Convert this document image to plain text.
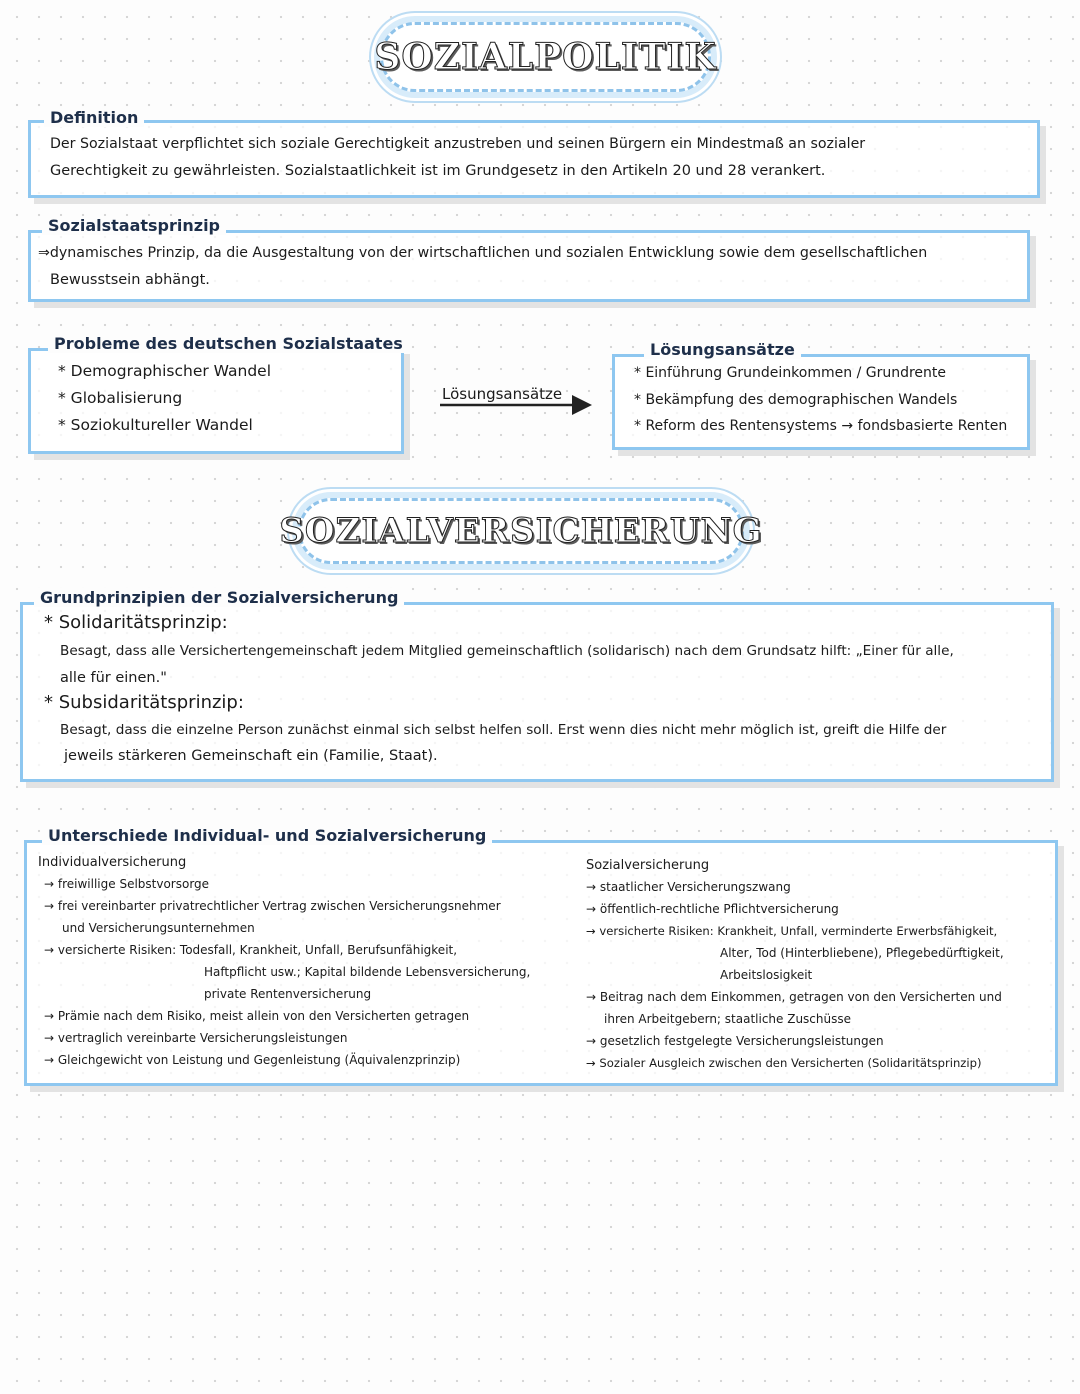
SOZIALPOLITIK
Definition
Der Sozialstaat verpflichtet sich soziale Gerechtigkeit anzustreben und seinen Bürgern ein Mindestmaß an sozialer
Gerechtigkeit zu gewährleisten. Sozialstaatlichkeit ist im Grundgesetz in den Artikeln 20 und 28 verankert.
Sozialstaatsprinzip
⇒dynamisches Prinzip, da die Ausgestaltung von der wirtschaftlichen und sozialen Entwicklung sowie dem gesellschaftlichen
Bewusstsein abhängt.
Probleme des deutschen Sozialstaates
* Demographischer Wandel
* Globalisierung
* Soziokultureller Wandel
Lösungsansätze
Lösungsansätze
* Einführung Grundeinkommen / Grundrente
* Bekämpfung des demographischen Wandels
* Reform des Rentensystems → fondsbasierte Renten
SOZIALVERSICHERUNG
Grundprinzipien der Sozialversicherung
* Solidaritätsprinzip:
Besagt, dass alle Versichertengemeinschaft jedem Mitglied gemeinschaftlich (solidarisch) nach dem Grundsatz hilft: „Einer für alle,
alle für einen."
* Subsidaritätsprinzip:
Besagt, dass die einzelne Person zunächst einmal sich selbst helfen soll. Erst wenn dies nicht mehr möglich ist, greift die Hilfe der
jeweils stärkeren Gemeinschaft ein (Familie, Staat).
Unterschiede Individual- und Sozialversicherung
Individualversicherung
→ freiwillige Selbstvorsorge
→ frei vereinbarter privatrechtlicher Vertrag zwischen Versicherungsnehmer
und Versicherungsunternehmen
→ versicherte Risiken: Todesfall, Krankheit, Unfall, Berufsunfähigkeit,
Haftpflicht usw.; Kapital bildende Lebensversicherung,
private Rentenversicherung
→ Prämie nach dem Risiko, meist allein von den Versicherten getragen
→ vertraglich vereinbarte Versicherungsleistungen
→ Gleichgewicht von Leistung und Gegenleistung (Äquivalenzprinzip)
Sozialversicherung
→ staatlicher Versicherungszwang
→ öffentlich-rechtliche Pflichtversicherung
→ versicherte Risiken: Krankheit, Unfall, verminderte Erwerbsfähigkeit,
Alter, Tod (Hinterbliebene), Pflegebedürftigkeit,
Arbeitslosigkeit
→ Beitrag nach dem Einkommen, getragen von den Versicherten und
ihren Arbeitgebern; staatliche Zuschüsse
→ gesetzlich festgelegte Versicherungsleistungen
→ Sozialer Ausgleich zwischen den Versicherten (Solidaritätsprinzip)
